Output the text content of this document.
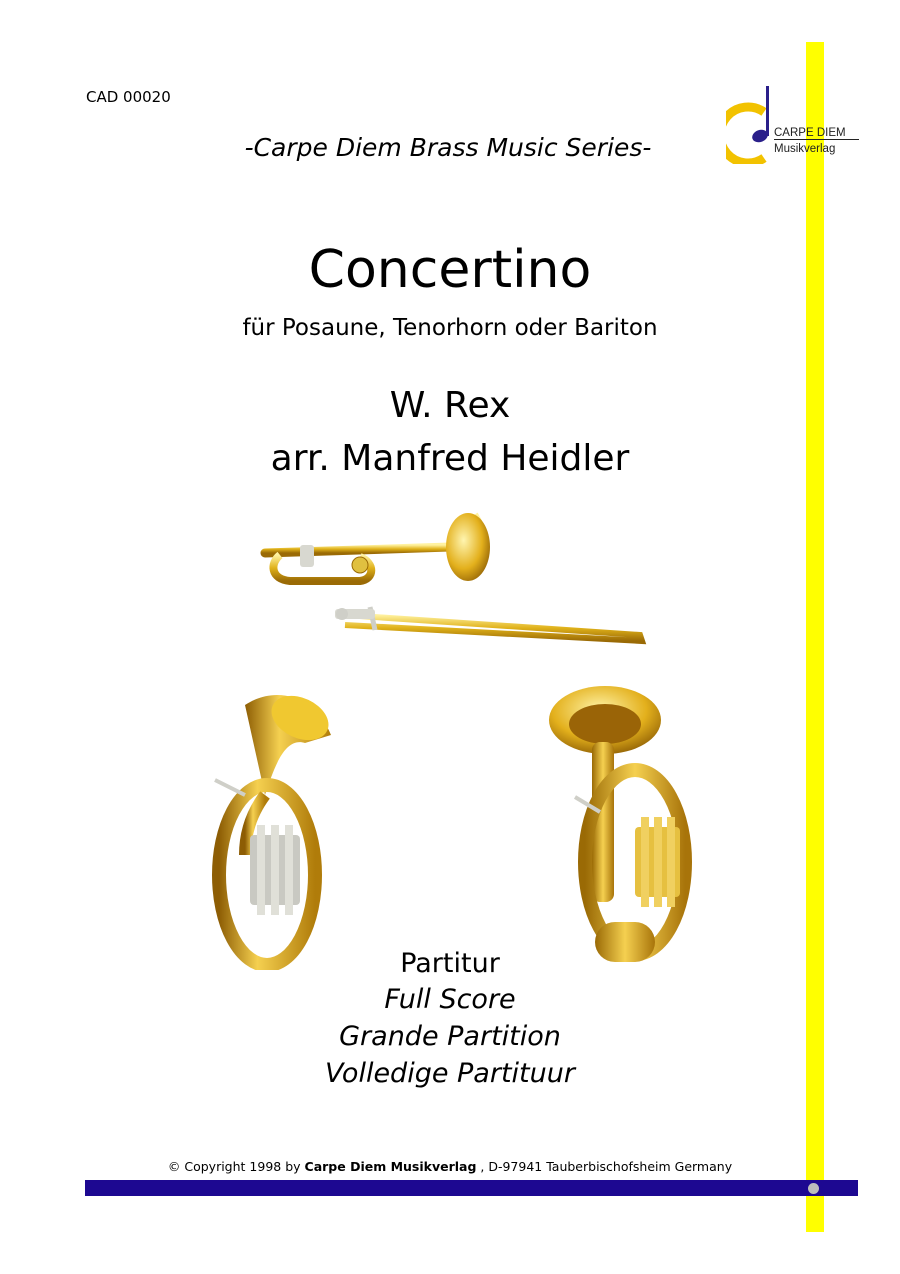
CAD 00020
-Carpe Diem Brass Music Series-	CARPE DIEM
Musikverlag
Concertino
für Posaune, Tenorhorn oder Bariton
W. Rex
arr. Manfred Heidler
Partitur
Full Score
Grande Partition
Volledige Partituur
© Copyright 1998 by Carpe Diem Musikverlag , D-97941 Tauberbischofsheim Germany
